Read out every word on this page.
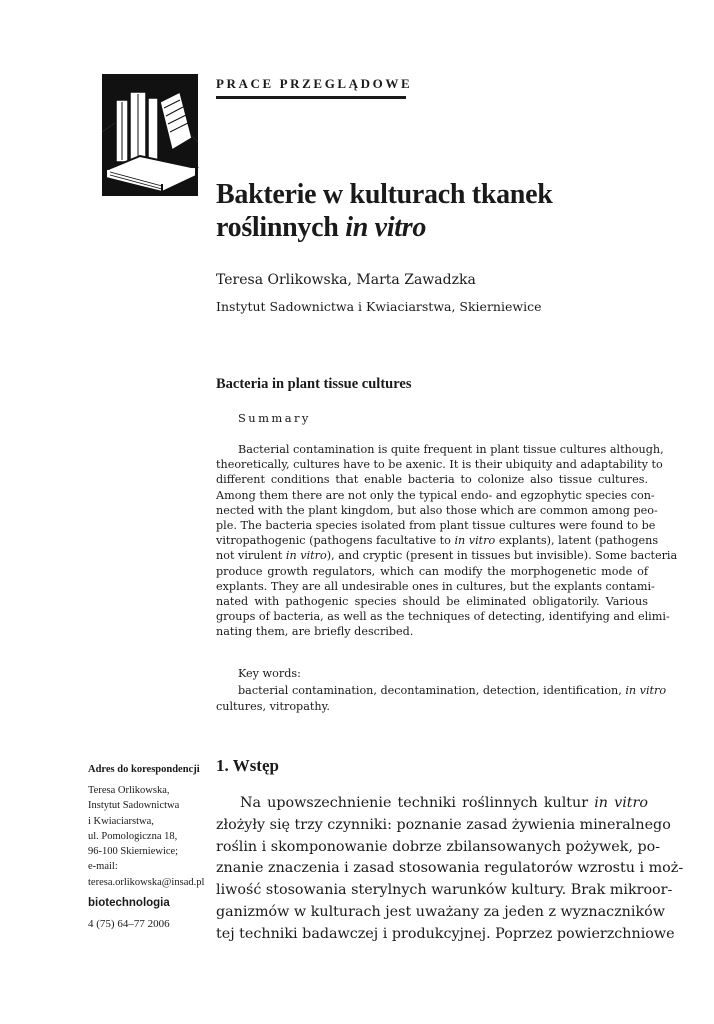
PRACE PRZEGLĄDOWE
Bakterie w kulturach tkanek
roślinnych in vitro
Teresa Orlikowska, Marta Zawadzka
Instytut Sadownictwa i Kwiaciarstwa, Skierniewice
Bacteria in plant tissue cultures
Summary
Bacterial contamination is quite frequent in plant tissue cultures although,
theoretically, cultures have to be axenic. It is their ubiquity and adaptability to
different conditions that enable bacteria to colonize also tissue cultures.
Among them there are not only the typical endo- and egzophytic species con-
nected with the plant kingdom, but also those which are common among peo-
ple. The bacteria species isolated from plant tissue cultures were found to be
vitropathogenic (pathogens facultative to in vitro explants), latent (pathogens
not virulent in vitro), and cryptic (present in tissues but invisible). Some bacteria
produce growth regulators, which can modify the morphogenetic mode of
explants. They are all undesirable ones in cultures, but the explants contami-
nated with pathogenic species should be eliminated obligatorily. Various
groups of bacteria, as well as the techniques of detecting, identifying and elimi-
nating them, are briefly described.
Key words:
bacterial contamination, decontamination, detection, identification, in vitro
cultures, vitropathy.
Adres do korespondencji
Teresa Orlikowska,
Instytut Sadownictwa
i Kwiaciarstwa,
ul. Pomologiczna 18,
96-100 Skierniewice;
e-mail:
teresa.orlikowska@insad.pl
biotechnologia
4 (75) 64–77 2006
1. Wstęp
Na upowszechnienie techniki roślinnych kultur in vitro
złożyły się trzy czynniki: poznanie zasad żywienia mineralnego
roślin i skomponowanie dobrze zbilansowanych pożywek, po-
znanie znaczenia i zasad stosowania regulatorów wzrostu i moż-
liwość stosowania sterylnych warunków kultury. Brak mikroor-
ganizmów w kulturach jest uważany za jeden z wyznaczników
tej techniki badawczej i produkcyjnej. Poprzez powierzchniowe
